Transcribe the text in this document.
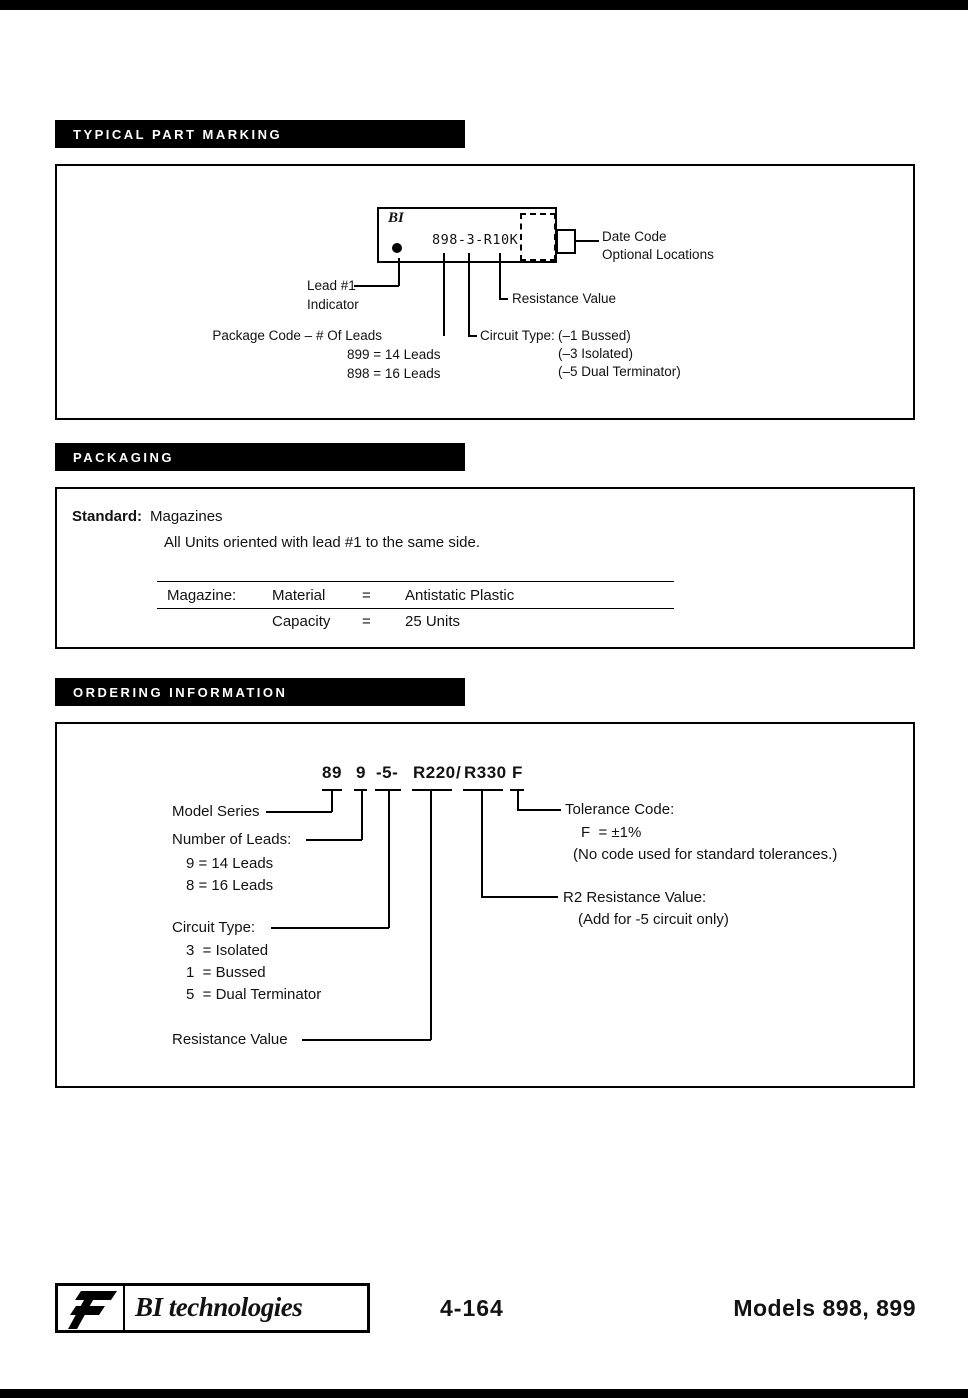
TYPICAL PART MARKING
BI
898-3-R10K	Date Code
Optional Locations
Lead #1
Indicator	Resistance Value
Package Code – # Of Leads
899 = 14 Leads
898 = 16 Leads
Circuit Type: (–1 Bussed)
(–3 Isolated)
(–5 Dual Terminator)
PACKAGING
Standard: Magazines
All Units oriented with lead #1 to the same side.
Magazine: Material = Antistatic Plastic
Capacity = 25 Units
ORDERING INFORMATION
89 9 -5- R220 / R330 F
Model Series
Number of Leads:
9 = 14 Leads
8 = 16 Leads
Circuit Type:
3  = Isolated
1  = Bussed
5  = Dual Terminator
Resistance Value
Tolerance Code:
F  = ±1%
(No code used for standard tolerances.)
R2 Resistance Value:
(Add for -5 circuit only)
BI technologies	4-164	Models 898, 899
